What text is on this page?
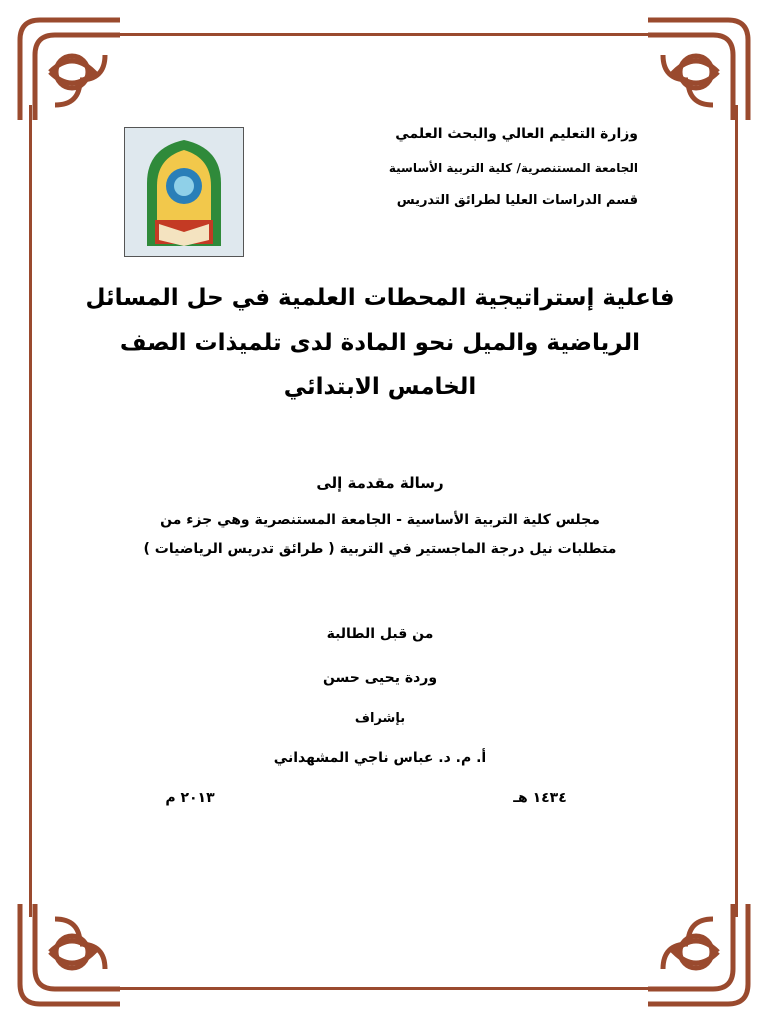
وزارة التعليم العالي والبحث العلمي
الجامعة المستنصرية/ كلية التربية الأساسية
قسم الدراسات العليا لطرائق التدريس
فاعلية إستراتيجية المحطات العلمية في حل المسائل
الرياضية والميل نحو المادة لدى تلميذات الصف
الخامس الابتدائي
رسالة مقدمة إلى
مجلس كلية التربية الأساسية - الجامعة المستنصرية وهي جزء من
متطلبات نيل درجة الماجستير في التربية ( طرائق تدريس الرياضيات )
من قبل الطالبة
وردة يحيى حسن
بإشراف
أ. م. د. عباس ناجي المشهداني
١٤٣٤ هـ
٢٠١٣ م
